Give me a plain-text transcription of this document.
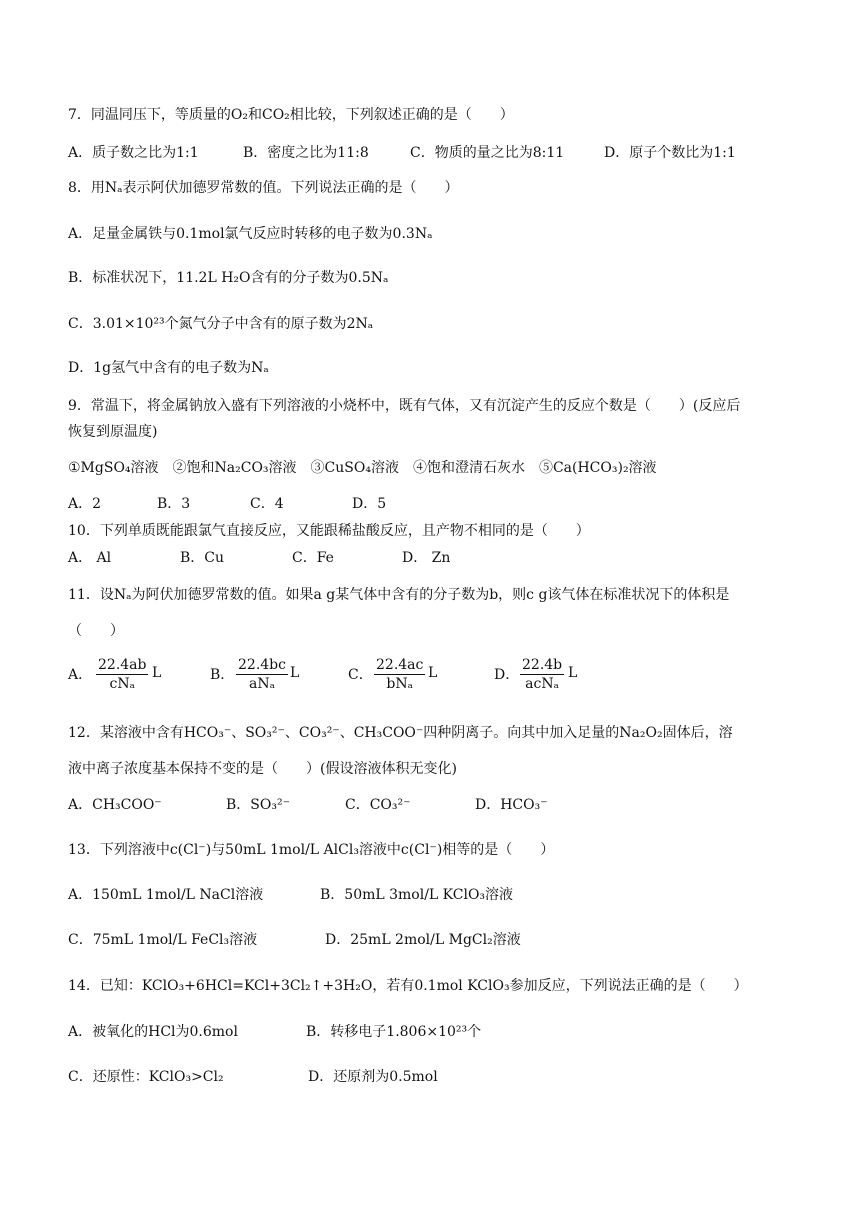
7．同温同压下，等质量的O₂和CO₂相比较，下列叙述正确的是（　　）
A．质子数之比为1:1	B．密度之比为11:8	C．物质的量之比为8:11	D．原子个数比为1:1
8．用Nₐ表示阿伏加德罗常数的值。下列说法正确的是（　　）
A．足量金属铁与0.1mol氯气反应时转移的电子数为0.3Nₐ
B．标准状况下，11.2L H₂O含有的分子数为0.5Nₐ
C．3.01×10²³个氮气分子中含有的原子数为2Nₐ
D．1g氢气中含有的电子数为Nₐ
9．常温下，将金属钠放入盛有下列溶液的小烧杯中，既有气体，又有沉淀产生的反应个数是（　　）(反应后
恢复到原温度)
①MgSO₄溶液　②饱和Na₂CO₃溶液　③CuSO₄溶液　④饱和澄清石灰水　⑤Ca(HCO₃)₂溶液
A．2	B．3	C．4	D．5
10．下列单质既能跟氯气直接反应，又能跟稀盐酸反应，且产物不相同的是（　　）
A． Al	B．Cu	C．Fe	D． Zn
11．设Nₐ为阿伏加德罗常数的值。如果a g某气体中含有的分子数为b，则c g该气体在标准状况下的体积是
（　　）
A．
22.4ab
cNₐ
L	B．
22.4bc
aNₐ
L	C．
22.4ac
bNₐ
L	D．
22.4b
acNₐ
L
12．某溶液中含有HCO₃⁻、SO₃²⁻、CO₃²⁻、CH₃COO⁻四种阴离子。向其中加入足量的Na₂O₂固体后，溶
液中离子浓度基本保持不变的是（　　）(假设溶液体积无变化)
A．CH₃COO⁻	B．SO₃²⁻	C．CO₃²⁻	D．HCO₃⁻
13．下列溶液中c(Cl⁻)与50mL 1mol/L AlCl₃溶液中c(Cl⁻)相等的是（　　）
A．150mL 1mol/L NaCl溶液	B．50mL 3mol/L KClO₃溶液
C．75mL 1mol/L FeCl₃溶液	D．25mL 2mol/L MgCl₂溶液
14．已知：KClO₃+6HCl=KCl+3Cl₂↑+3H₂O，若有0.1mol KClO₃参加反应，下列说法正确的是（　　）
A．被氧化的HCl为0.6mol	B．转移电子1.806×10²³个
C．还原性：KClO₃>Cl₂	D．还原剂为0.5mol
